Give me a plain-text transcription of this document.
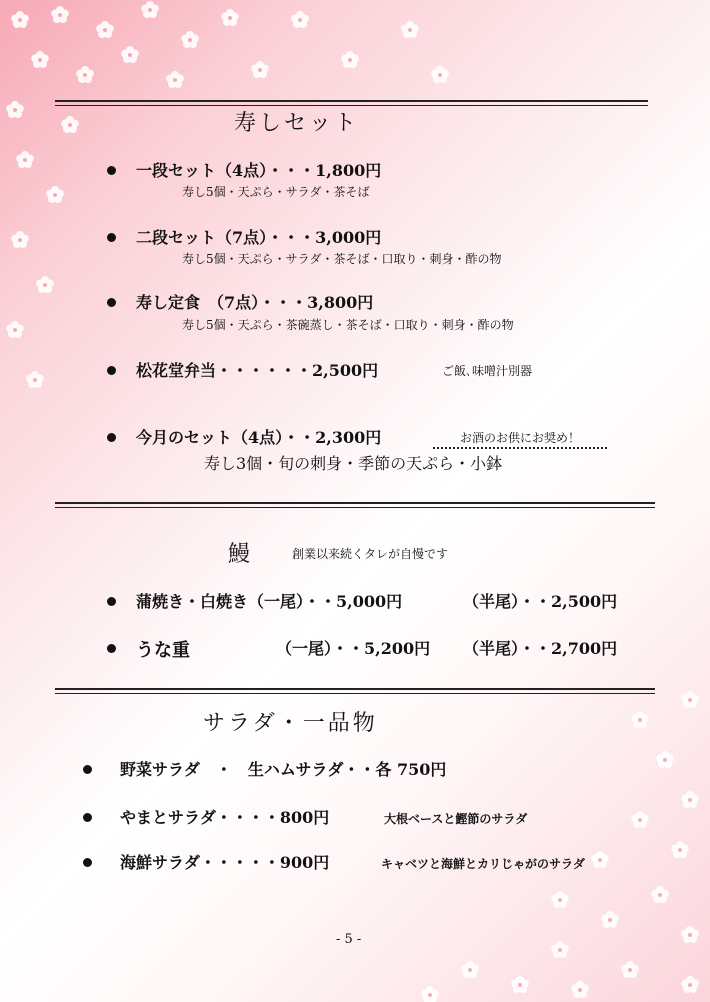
寿しセット
一段セット（4点）・・・1,800円
寿し5個・天ぷら・サラダ・茶そば
二段セット（7点）・・・3,000円
寿し5個・天ぷら・サラダ・茶そば・口取り・刺身・酢の物
寿し定食　（7点）・・・3,800円
寿し5個・天ぷら・茶碗蒸し・茶そば・口取り・刺身・酢の物
松花堂弁当・・・・・・2,500円	ご飯､味噌汁別器
今月のセット（4点）・・2,300円	お酒のお供にお奨め！
寿し3個・旬の刺身・季節の天ぷら・小鉢
鰻	創業以来続くタレが自慢です
蒲焼き・白焼き（一尾）・・5,000円	（半尾）・・2,500円
うな重	（一尾）・・5,200円 （半尾）・・2,700円
サラダ・一品物
野菜サラダ　・　生ハムサラダ・・各 750円
やまとサラダ・・・・800円	大根ベースと鰹節のサラダ
海鮮サラダ・・・・・900円	キャベツと海鮮とカリじゃがのサラダ
- 5 -
